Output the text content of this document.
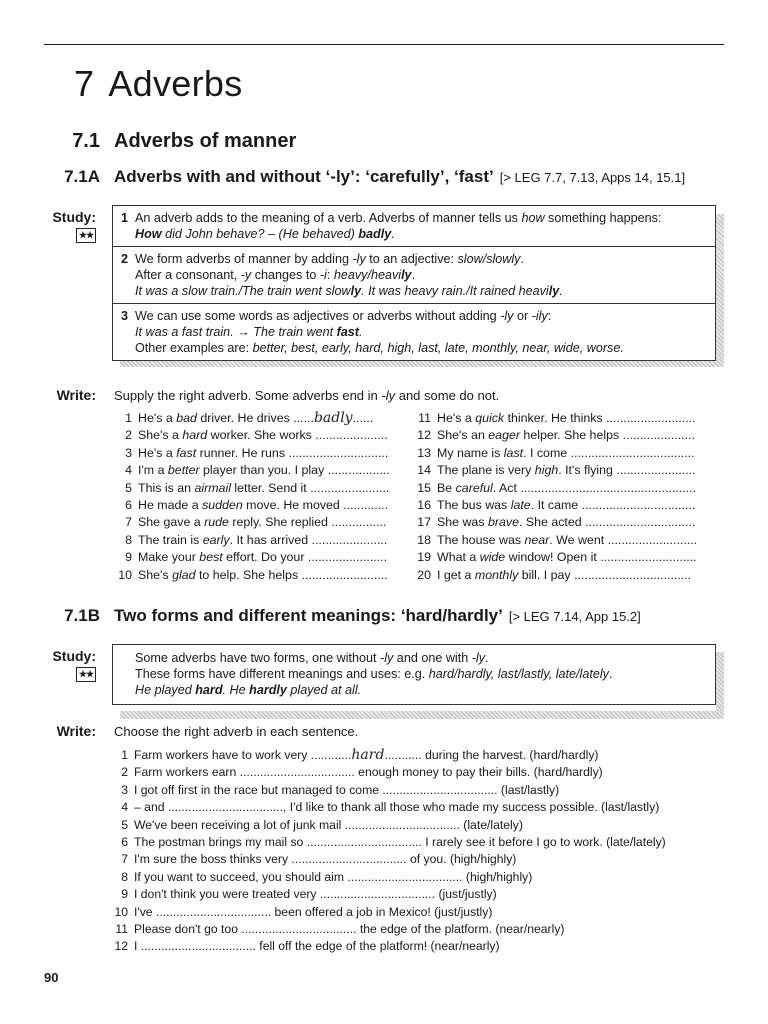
7 Adverbs
7.1 Adverbs of manner
7.1A Adverbs with and without ‘-ly’: ‘carefully’, ‘fast’ [> LEG 7.7, 7.13, Apps 14, 15.1]
Study:
★★
1 An adverb adds to the meaning of a verb. Adverbs of manner tells us how something happens:
How did John behave? – (He behaved) badly.
2 We form adverbs of manner by adding -ly to an adjective: slow/slowly.
After a consonant, -y changes to -i: heavy/heavily.
It was a slow train./The train went slowly. It was heavy rain./It rained heavily.
3 We can use some words as adjectives or adverbs without adding -ly or -ily:
It was a fast train. → The train went fast.
Other examples are: better, best, early, hard, high, last, late, monthly, near, wide, worse.
Write: Supply the right adverb. Some adverbs end in -ly and some do not.
1 He's a bad driver. He drives ......badly......
2 She's a hard worker. She works .....................
3 He's a fast runner. He runs .............................
4 I'm a better player than you. I play ..................
5 This is an airmail letter. Send it .......................
6 He made a sudden move. He moved .............
7 She gave a rude reply. She replied ................
8 The train is early. It has arrived ......................
9 Make your best effort. Do your .......................
10 She's glad to help. She helps .........................
11 He's a quick thinker. He thinks ..........................
12 She's an eager helper. She helps .....................
13 My name is last. I come ....................................
14 The plane is very high. It's flying .......................
15 Be careful. Act ...................................................
16 The bus was late. It came .................................
17 She was brave. She acted ................................
18 The house was near. We went ..........................
19 What a wide window! Open it ............................
20 I get a monthly bill. I pay ..................................
7.1B Two forms and different meanings: ‘hard/hardly’ [> LEG 7.14, App 15.2]
Study:
★★
Some adverbs have two forms, one without -ly and one with -ly.
These forms have different meanings and uses: e.g. hard/hardly, last/lastly, late/lately.
He played hard. He hardly played at all.
Write: Choose the right adverb in each sentence.
1 Farm workers have to work very ............hard........... during the harvest. (hard/hardly)
2 Farm workers earn .................................. enough money to pay their bills. (hard/hardly)
3 I got off first in the race but managed to come .................................. (last/lastly)
4 – and .................................., I'd like to thank all those who made my success possible. (last/lastly)
5 We've been receiving a lot of junk mail .................................. (late/lately)
6 The postman brings my mail so .................................. I rarely see it before I go to work. (late/lately)
7 I'm sure the boss thinks very .................................. of you. (high/highly)
8 If you want to succeed, you should aim .................................. (high/highly)
9 I don't think you were treated very .................................. (just/justly)
10 I've .................................. been offered a job in Mexico! (just/justly)
11 Please don't go too .................................. the edge of the platform. (near/nearly)
12 I .................................. fell off the edge of the platform! (near/nearly)
90
